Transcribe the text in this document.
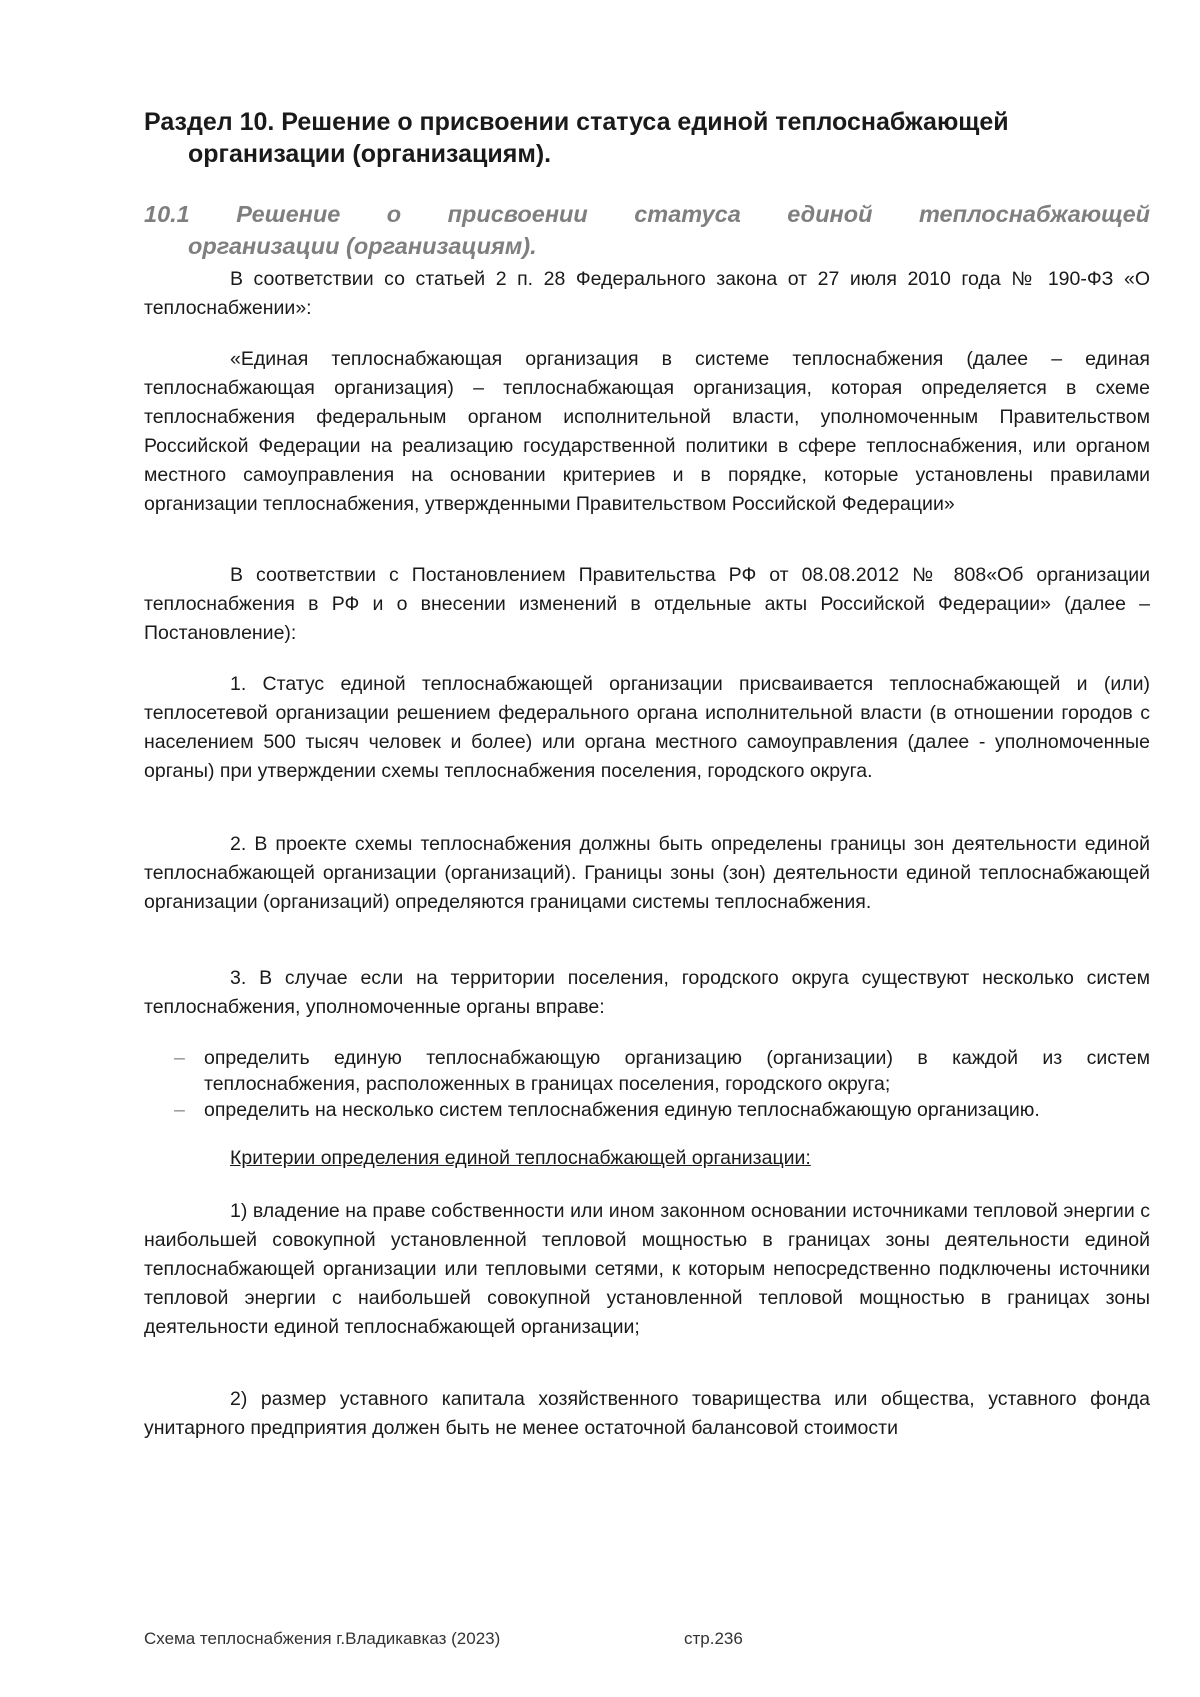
Раздел 10. Решение о присвоении статуса единой теплоснабжающей
организации (организациям).
10.1 Решение о присвоении статуса единой теплоснабжающей
организации (организациям).

В соответствии со статьей 2 п. 28 Федерального закона от 27 июля 2010 года № 190-ФЗ «О теплоснабжении»:

«Единая теплоснабжающая организация в системе теплоснабжения (далее – единая теплоснабжающая организация) – теплоснабжающая организация, которая определяется в схеме теплоснабжения федеральным органом исполнительной власти, уполномоченным Правительством Российской Федерации на реализацию государственной политики в сфере теплоснабжения, или органом местного самоуправления на основании критериев и в порядке, которые установлены правилами организации теплоснабжения, утвержденными Правительством Российской Федерации»

В соответствии с Постановлением Правительства РФ от 08.08.2012 № 808«Об организации теплоснабжения в РФ и о внесении изменений в отдельные акты Российской Федерации» (далее – Постановление):

1. Статус единой теплоснабжающей организации присваивается теплоснабжающей и (или) теплосетевой организации решением федерального органа исполнительной власти (в отношении городов с населением 500 тысяч человек и более) или органа местного самоуправления (далее - уполномоченные органы) при утверждении схемы теплоснабжения поселения, городского округа.

2. В проекте схемы теплоснабжения должны быть определены границы зон деятельности единой теплоснабжающей организации (организаций). Границы зоны (зон) деятельности единой теплоснабжающей организации (организаций) определяются границами системы теплоснабжения.

3. В случае если на территории поселения, городского округа существуют несколько систем теплоснабжения, уполномоченные органы вправе:

– определить единую теплоснабжающую организацию (организации) в каждой из систем теплоснабжения, расположенных в границах поселения, городского округа;
– определить на несколько систем теплоснабжения единую теплоснабжающую организацию.

Критерии определения единой теплоснабжающей организации:

1) владение на праве собственности или ином законном основании источниками тепловой энергии с наибольшей совокупной установленной тепловой мощностью в границах зоны деятельности единой теплоснабжающей организации или тепловыми сетями, к которым непосредственно подключены источники тепловой энергии с наибольшей совокупной установленной тепловой мощностью в границах зоны деятельности единой теплоснабжающей организации;

2) размер уставного капитала хозяйственного товарищества или общества, уставного фонда унитарного предприятия должен быть не менее остаточной балансовой стоимости

Схема теплоснабжения г.Владикавказ (2023)	стр.236
